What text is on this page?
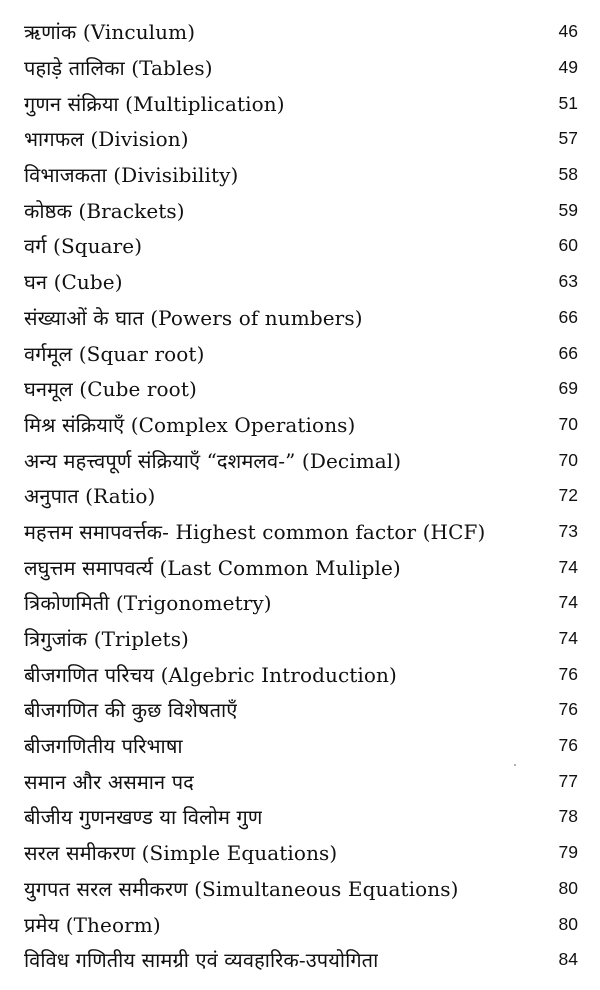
ऋणांक (Vinculum)	46
पहाड़े तालिका (Tables)	49
गुणन संक्रिया (Multiplication)	51
भागफल (Division)	57
विभाजकता (Divisibility)	58
कोष्ठक (Brackets)	59
वर्ग (Square)	60
घन (Cube)	63
संख्याओं के घात (Powers of numbers)	66
वर्गमूल (Squar root)	66
घनमूल (Cube root)	69
मिश्र संक्रियाएँ (Complex Operations)	70
अन्य महत्त्वपूर्ण संक्रियाएँ “दशमलव-” (Decimal)	70
अनुपात (Ratio)	72
महत्तम समापवर्त्तक- Highest common factor (HCF)	73
लघुत्तम समापवर्त्य (Last Common Muliple)	74
त्रिकोणमिती (Trigonometry)	74
त्रिगुजांक (Triplets)	74
बीजगणित परिचय (Algebric Introduction)	76
बीजगणित की कुछ विशेषताएँ	76
बीजगणितीय परिभाषा	76
समान और असमान पद	77
बीजीय गुणनखण्ड या विलोम गुण	78
सरल समीकरण (Simple Equations)	79
युगपत सरल समीकरण (Simultaneous Equations)	80
प्रमेय (Theorm)	80
विविध गणितीय सामग्री एवं व्यवहारिक-उपयोगिता	84
